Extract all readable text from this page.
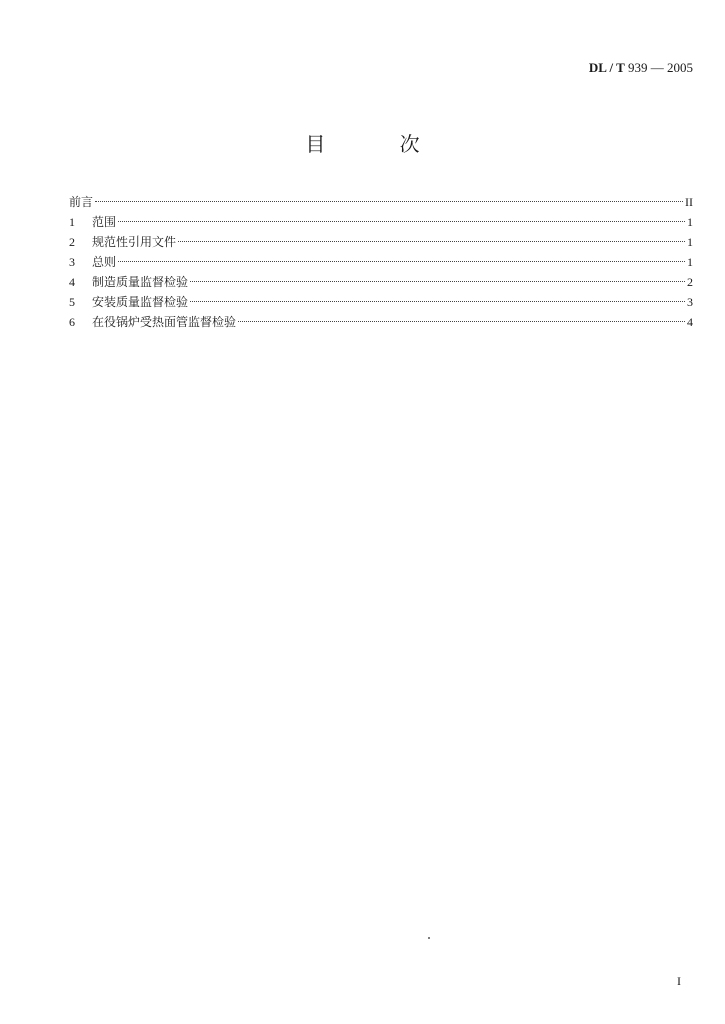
DL / T 939 — 2005
目 次
前言	II
1	范围	1
2	规范性引用文件	1
3	总则	1
4	制造质量监督检验	2
5	安装质量监督检验	3
6	在役锅炉受热面管监督检验	4
I
